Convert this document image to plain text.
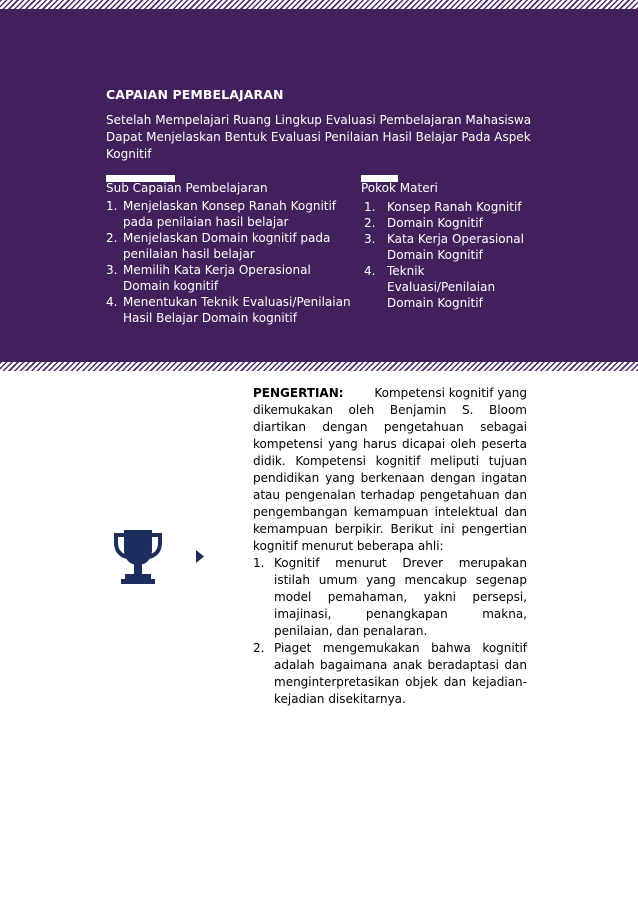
CAPAIAN PEMBELAJARAN
Setelah Mempelajari Ruang Lingkup Evaluasi Pembelajaran Mahasiswa Dapat Menjelaskan Bentuk Evaluasi Penilaian Hasil Belajar Pada Aspek Kognitif
Sub Capaian Pembelajaran
1. Menjelaskan Konsep Ranah Kognitif pada penilaian hasil belajar
2. Menjelaskan Domain kognitif pada penilaian hasil belajar
3. Memilih Kata Kerja Operasional Domain kognitif
4. Menentukan Teknik Evaluasi/Penilaian Hasil Belajar Domain kognitif
Pokok Materi
1. Konsep Ranah Kognitif
2. Domain Kognitif
3. Kata Kerja Operasional Domain Kognitif
4. Teknik Evaluasi/Penilaian Domain Kognitif

PENGERTIAN:	Kompetensi kognitif yang dikemukakan oleh Benjamin S. Bloom diartikan dengan pengetahuan sebagai kompetensi yang harus dicapai oleh peserta didik. Kompetensi kognitif meliputi tujuan pendidikan yang berkenaan dengan ingatan atau pengenalan terhadap pengetahuan dan pengembangan kemampuan intelektual dan kemampuan berpikir. Berikut ini pengertian kognitif menurut beberapa ahli:

1. Kognitif menurut Drever merupakan istilah umum yang mencakup segenap model pemahaman, yakni persepsi, imajinasi, penangkapan makna, penilaian, dan penalaran.
2. Piaget mengemukakan bahwa kognitif adalah bagaimana anak beradaptasi dan menginterpretasikan objek dan kejadian-kejadian disekitarnya.
